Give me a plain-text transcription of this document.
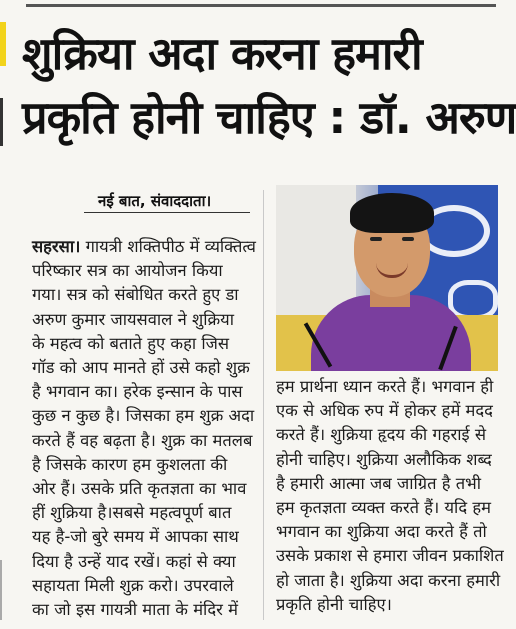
शुक्रिया अदा करना हमारी
प्रकृति होनी चाहिए : डॉ. अरुण
नई बात, संवाददाता।
सहरसा। गायत्री शक्तिपीठ में व्यक्तित्व
परिष्कार सत्र का आयोजन किया
गया। सत्र को संबोधित करते हुए डा
अरुण कुमार जायसवाल ने शुक्रिया
के महत्व को बताते हुए कहा जिस
गॉड को आप मानते हों उसे कहो शुक्र
है भगवान का। हरेक इन्सान के पास
कुछ न कुछ है। जिसका हम शुक्र अदा
करते हैं वह बढ़ता है। शुक्र का मतलब
है जिसके कारण हम कुशलता की
ओर हैं। उसके प्रति कृतज्ञता का भाव
हीं शुक्रिया है।सबसे महत्वपूर्ण बात
यह है-जो बुरे समय में आपका साथ
दिया है उन्हें याद रखें। कहां से क्या
सहायता मिली शुक्र करो। उपरवाले
का जो इस गायत्री माता के मंदिर में
हम प्रार्थना ध्यान करते हैं। भगवान ही
एक से अधिक रुप में होकर हमें मदद
करते हैं। शुक्रिया हृदय की गहराई से
होनी चाहिए। शुक्रिया अलौकिक शब्द
है हमारी आत्मा जब जाग्रित है तभी
हम कृतज्ञता व्यक्त करते हैं। यदि हम
भगवान का शुक्रिया अदा करते हैं तो
उसके प्रकाश से हमारा जीवन प्रकाशित
हो जाता है। शुक्रिया अदा करना हमारी
प्रकृति होनी चाहिए।
